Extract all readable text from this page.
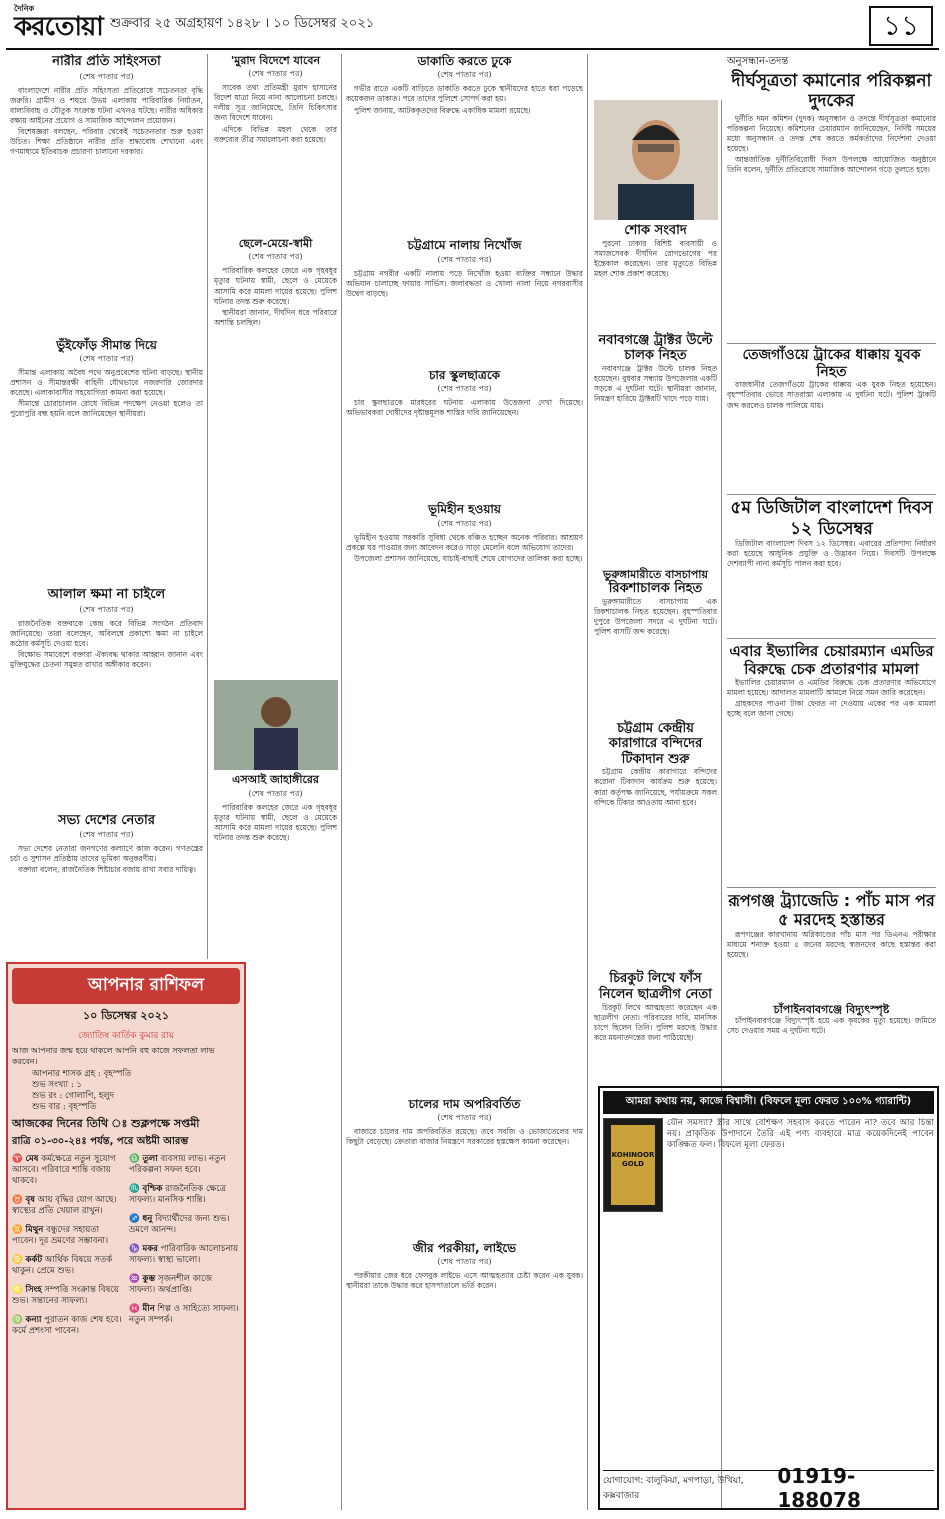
দৈনিক
করতোয়া শুক্রবার ২৫ অগ্রহায়ণ ১৪২৮ । ১০ ডিসেম্বর ২০২১	১১
নারীর প্রতি সহিংসতা
(শেষ পাতার পর)

বাংলাদেশে নারীর প্রতি সহিংসতা প্রতিরোধে সচেতনতা বৃদ্ধি জরুরি। গ্রামীণ ও শহুরে উভয় এলাকায় পারিবারিক নির্যাতন, বাল্যবিবাহ ও যৌতুক সংক্রান্ত ঘটনা এখনও ঘটছে। নারীর অধিকার রক্ষায় আইনের প্রয়োগ ও সামাজিক আন্দোলন প্রয়োজন।

বিশেষজ্ঞরা বলছেন, পরিবার থেকেই সচেতনতার শুরু হওয়া উচিত। শিক্ষা প্রতিষ্ঠানে নারীর প্রতি শ্রদ্ধাবোধ শেখানো এবং গণমাধ্যমে ইতিবাচক প্রচারণা চালানো দরকার।

ভুঁইফোঁড় সীমান্ত দিয়ে
(শেষ পাতার পর)

সীমান্ত এলাকায় অবৈধ পথে অনুপ্রবেশের ঘটনা বাড়ছে। স্থানীয় প্রশাসন ও সীমান্তরক্ষী বাহিনী যৌথভাবে নজরদারি জোরদার করেছে। এলাকাবাসীর সহযোগিতা কামনা করা হয়েছে।

সীমান্তে চোরাচালান রোধে বিভিন্ন পদক্ষেপ নেওয়া হলেও তা পুরোপুরি বন্ধ হয়নি বলে জানিয়েছেন স্থানীয়রা।

আলাল ক্ষমা না চাইলে
(শেষ পাতার পর)

রাজনৈতিক বক্তব্যকে কেন্দ্র করে বিভিন্ন সংগঠন প্রতিবাদ জানিয়েছে। তারা বলেছেন, অবিলম্বে প্রকাশ্যে ক্ষমা না চাইলে কঠোর কর্মসূচি দেওয়া হবে।

বিক্ষোভ সমাবেশে বক্তারা ঐক্যবদ্ধ থাকার আহ্বান জানান এবং মুক্তিযুদ্ধের চেতনা সমুন্নত রাখার অঙ্গীকার করেন।

সভ্য দেশের নেতার
(শেষ পাতার পর)

সভ্য দেশের নেতারা জনগণের কল্যাণে কাজ করেন। গণতন্ত্রের চর্চা ও সুশাসন প্রতিষ্ঠায় তাদের ভূমিকা অনুকরণীয়।

বক্তারা বলেন, রাজনৈতিক শিষ্টাচার বজায় রাখা সবার দায়িত্ব।

আপনার রাশিফল
১০ ডিসেম্বর ২০২১
জ্যোতিষ কার্তিক কুমার রায়
আজ আপনার জন্ম হয়ে থাকলে আপনি বহু কাজে সফলতা লাভ করবেন।
আপনার শাসক গ্রহ : বৃহস্পতি
শুভ সংখ্যা : ১
শুভ রং : গোলাপি, হলুদ
শুভ বার : বৃহস্পতি
আজকের দিনের তিথি ঃ শুক্লপক্ষে সপ্তমী
রাত্রি ০১-৩০-২৪ঃ পর্যন্ত, পরে অষ্টমী আরম্ভ
♈ মেষ কর্মক্ষেত্রে নতুন সুযোগ আসবে। পরিবারে শান্তি বজায় থাকবে।
♉ বৃষ আয় বৃদ্ধির যোগ আছে। স্বাস্থ্যের প্রতি খেয়াল রাখুন।
♊ মিথুন বন্ধুদের সহায়তা পাবেন। দূর ভ্রমণের সম্ভাবনা।
♋ কর্কট আর্থিক বিষয়ে সতর্ক থাকুন। প্রেমে শুভ।
♌ সিংহ সম্পত্তি সংক্রান্ত বিষয়ে শুভ। সন্তানের সাফল্য।
♍ কন্যা পুরাতন কাজ শেষ হবে। কর্মে প্রশংসা পাবেন।
♎ তুলা ব্যবসায় লাভ। নতুন পরিকল্পনা সফল হবে।
♏ বৃশ্চিক রাজনৈতিক ক্ষেত্রে সাফল্য। মানসিক শান্তি।
♐ ধনু বিদ্যার্থীদের জন্য শুভ। ভ্রমণে আনন্দ।
♑ মকর পারিবারিক আলোচনায় সাফল্য। স্বাস্থ্য ভালো।
♒ কুম্ভ সৃজনশীল কাজে সাফল্য। অর্থপ্রাপ্তি।
♓ মীন শিল্প ও সাহিত্যে সাফল্য। নতুন সম্পর্ক।
'মুরাদ বিদেশে যাবেন
(শেষ পাতার পর)

সাবেক তথ্য প্রতিমন্ত্রী মুরাদ হাসানের বিদেশ যাত্রা নিয়ে নানা আলোচনা চলছে। দলীয় সূত্র জানিয়েছে, তিনি চিকিৎসার জন্য বিদেশে যাবেন।

এদিকে বিভিন্ন মহল থেকে তার বক্তব্যের তীব্র সমালোচনা করা হয়েছে।

ছেলে-মেয়ে-স্বামী
(শেষ পাতার পর)

পারিবারিক কলহের জেরে এক গৃহবধূর মৃত্যুর ঘটনায় স্বামী, ছেলে ও মেয়েকে আসামি করে মামলা দায়ের হয়েছে। পুলিশ ঘটনার তদন্ত শুরু করেছে।

স্থানীয়রা জানান, দীর্ঘদিন ধরে পরিবারে অশান্তি চলছিল।

এসআই জাহাঙ্গীরের
(শেষ পাতার পর)

পারিবারিক কলহের জেরে এক গৃহবধূর মৃত্যুর ঘটনায় স্বামী, ছেলে ও মেয়েকে আসামি করে মামলা দায়ের হয়েছে। পুলিশ ঘটনার তদন্ত শুরু করেছে।

ডাকাতি করতে ঢুকে
(শেষ পাতার পর)

গভীর রাতে একটি বাড়িতে ডাকাতি করতে ঢুকে স্থানীয়দের হাতে ধরা পড়েছে কয়েকজন ডাকাত। পরে তাদের পুলিশে সোপর্দ করা হয়।

পুলিশ জানায়, আটককৃতদের বিরুদ্ধে একাধিক মামলা রয়েছে।

চট্টগ্রামে নালায় নিখোঁজ
(শেষ পাতার পর)

চট্টগ্রাম নগরীর একটি নালায় পড়ে নিখোঁজ হওয়া ব্যক্তির সন্ধানে উদ্ধার অভিযান চালাচ্ছে ফায়ার সার্ভিস। জলাবদ্ধতা ও খোলা নালা নিয়ে নগরবাসীর উদ্বেগ বাড়ছে।

চার স্কুলছাত্রকে
(শেষ পাতার পর)

চার স্কুলছাত্রকে মারধরের ঘটনায় এলাকায় উত্তেজনা দেখা দিয়েছে। অভিভাবকরা দোষীদের দৃষ্টান্তমূলক শাস্তির দাবি জানিয়েছেন।

ভূমিহীন হওয়ায়
(শেষ পাতার পর)

ভূমিহীন হওয়ায় সরকারি সুবিধা থেকে বঞ্চিত হচ্ছেন অনেক পরিবার। আশ্রয়ণ প্রকল্পে ঘর পাওয়ার জন্য আবেদন করেও সাড়া মেলেনি বলে অভিযোগ তাদের।

উপজেলা প্রশাসন জানিয়েছে, যাচাই-বাছাই শেষে যোগ্যদের তালিকা করা হচ্ছে।

চালের দাম অপরিবর্তিত
(শেষ পাতার পর)

বাজারে চালের দাম অপরিবর্তিত রয়েছে। তবে সবজি ও ভোজ্যতেলের দাম কিছুটা বেড়েছে। ক্রেতারা বাজার নিয়ন্ত্রণে সরকারের হস্তক্ষেপ কামনা করেছেন।

জীর পরকীয়া, লাইভে
(শেষ পাতার পর)

পরকীয়ার জের ধরে ফেসবুক লাইভে এসে আত্মহত্যার চেষ্টা করেন এক যুবক। স্থানীয়রা তাকে উদ্ধার করে হাসপাতালে ভর্তি করেন।

শোক সংবাদ

পুরনো ঢাকার বিশিষ্ট ব্যবসায়ী ও সমাজসেবক দীর্ঘদিন রোগভোগের পর ইন্তেকাল করেছেন। তার মৃত্যুতে বিভিন্ন মহল শোক প্রকাশ করেছে।

নবাবগঞ্জে ট্রাক্টর উল্টে চালক নিহত

নবাবগঞ্জে ট্রাক্টর উল্টে চালক নিহত হয়েছেন। বুধবার সন্ধ্যায় উপজেলার একটি সড়কে এ দুর্ঘটনা ঘটে। স্থানীয়রা জানান, নিয়ন্ত্রণ হারিয়ে ট্রাক্টরটি খাদে পড়ে যায়।

ভুরুঙ্গামারীতে বাসচাপায়
রিকশাচালক নিহত

ভুরুঙ্গামারীতে বাসচাপায় এক রিকশাচালক নিহত হয়েছেন। বৃহস্পতিবার দুপুরে উপজেলা সদরে এ দুর্ঘটনা ঘটে। পুলিশ বাসটি জব্দ করেছে।

চট্টগ্রাম কেন্দ্রীয় কারাগারে বন্দিদের টিকাদান শুরু

চট্টগ্রাম কেন্দ্রীয় কারাগারে বন্দিদের করোনা টিকাদান কার্যক্রম শুরু হয়েছে। কারা কর্তৃপক্ষ জানিয়েছে, পর্যায়ক্রমে সকল বন্দিকে টিকার আওতায় আনা হবে।

চিরকুট লিখে ফাঁস নিলেন ছাত্রলীগ নেতা

চিরকুট লিখে আত্মহত্যা করেছেন এক ছাত্রলীগ নেতা। পরিবারের দাবি, মানসিক চাপে ছিলেন তিনি। পুলিশ মরদেহ উদ্ধার করে ময়নাতদন্তের জন্য পাঠিয়েছে।

অনুসন্ধান-তদন্ত
দীর্ঘসূত্রতা কমানোর পরিকল্পনা দুদকের

দুর্নীতি দমন কমিশন (দুদক) অনুসন্ধান ও তদন্তে দীর্ঘসূত্রতা কমানোর পরিকল্পনা নিয়েছে। কমিশনের চেয়ারম্যান জানিয়েছেন, নির্দিষ্ট সময়ের মধ্যে অনুসন্ধান ও তদন্ত শেষ করতে কর্মকর্তাদের নির্দেশনা দেওয়া হয়েছে।

আন্তর্জাতিক দুর্নীতিবিরোধী দিবস উপলক্ষে আয়োজিত অনুষ্ঠানে তিনি বলেন, দুর্নীতি প্রতিরোধে সামাজিক আন্দোলন গড়ে তুলতে হবে।

তেজগাঁওয়ে ট্রাকের ধাক্কায় যুবক নিহত

রাজধানীর তেজগাঁওয়ে ট্রাকের ধাক্কায় এক যুবক নিহত হয়েছেন। বৃহস্পতিবার ভোরে সাতরাস্তা এলাকায় এ দুর্ঘটনা ঘটে। পুলিশ ট্রাকটি জব্দ করলেও চালক পালিয়ে যায়।

৫ম ডিজিটাল বাংলাদেশ দিবস ১২ ডিসেম্বর

ডিজিটাল বাংলাদেশ দিবস ১২ ডিসেম্বর। এবারের প্রতিপাদ্য নির্ধারণ করা হয়েছে আধুনিক প্রযুক্তি ও উদ্ভাবন নিয়ে। দিবসটি উপলক্ষে দেশব্যাপী নানা কর্মসূচি পালন করা হবে।

এবার ইভ্যালির চেয়ারম্যান এমডির বিরুদ্ধে চেক প্রতারণার মামলা

ইভ্যালির চেয়ারম্যান ও এমডির বিরুদ্ধে চেক প্রতারণার অভিযোগে মামলা হয়েছে। আদালত মামলাটি আমলে নিয়ে সমন জারি করেছেন।

গ্রাহকদের পাওনা টাকা ফেরত না দেওয়ায় একের পর এক মামলা হচ্ছে বলে জানা গেছে।

রূপগঞ্জ ট্র্যাজেডি : পাঁচ মাস পর ৫ মরদেহ হস্তান্তর

রূপগঞ্জের কারখানায় অগ্নিকাণ্ডের পাঁচ মাস পর ডিএনএ পরীক্ষার মাধ্যমে শনাক্ত হওয়া ৫ জনের মরদেহ স্বজনদের কাছে হস্তান্তর করা হয়েছে।

চাঁপাইনবাবগঞ্জে বিদ্যুৎস্পৃষ্ট

চাঁপাইনবাবগঞ্জে বিদ্যুৎস্পৃষ্ট হয়ে এক কৃষকের মৃত্যু হয়েছে। জমিতে সেচ দেওয়ার সময় এ দুর্ঘটনা ঘটে।

আমরা কথায় নয়, কাজে বিশ্বাসী। (বিফলে মূল্য ফেরত ১০০% গ্যারান্টি)
KOHINOOR GOLD
যৌন সমস্যা? স্ত্রীর সাথে বেশিক্ষণ সহবাস করতে পারেন না? তবে আর চিন্তা নয়। প্রাকৃতিক উপাদানে তৈরি এই পণ্য ব্যবহারে মাত্র কয়েকদিনেই পাবেন কাঙ্ক্ষিত ফল। বিফলে মূল্য ফেরত।
যোগাযোগ: বালুকিয়া, মগপাড়া, উখিয়া, কক্সবাজার
01919-188078
